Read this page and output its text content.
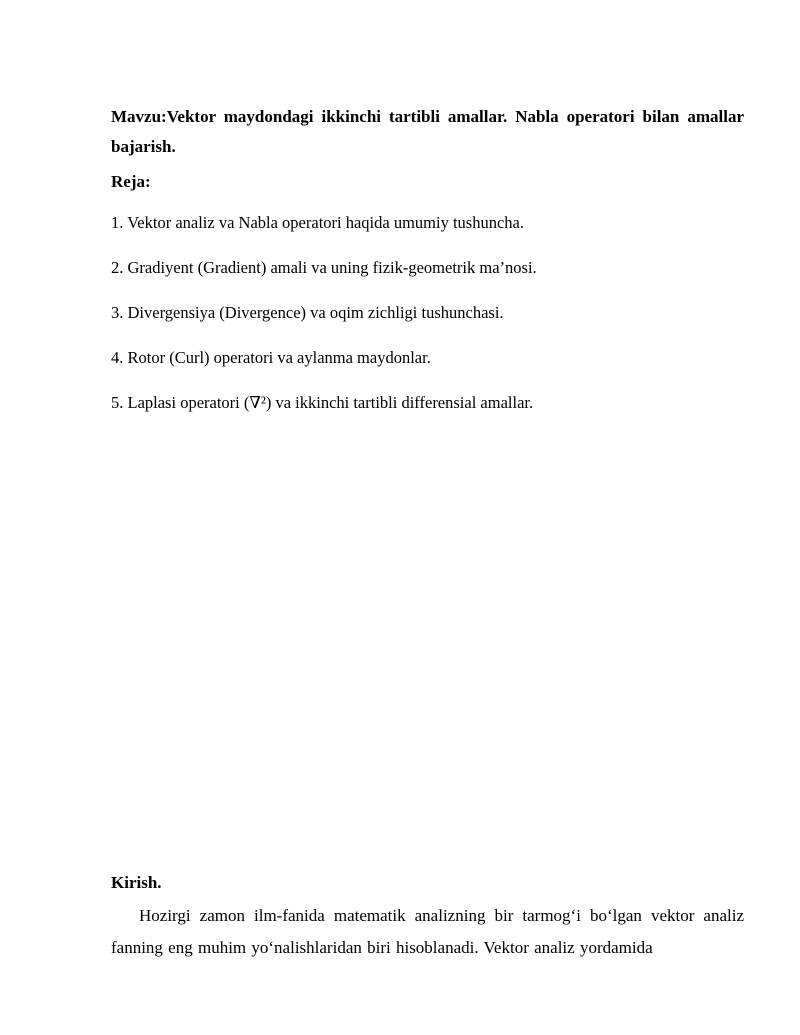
Mavzu:Vektor maydondagi ikkinchi tartibli amallar. Nabla operatori bilan amallar bajarish.

Reja:

1. Vektor analiz va Nabla operatori haqida umumiy tushuncha.
2. Gradiyent (Gradient) amali va uning fizik-geometrik ma’nosi.
3. Divergensiya (Divergence) va oqim zichligi tushunchasi.
4. Rotor (Curl) operatori va aylanma maydonlar.
5. Laplasi operatori (∇²) va ikkinchi tartibli differensial amallar.

Kirish.

Hozirgi zamon ilm-fanida matematik analizning bir tarmog‘i bo‘lgan vektor analiz fanning eng muhim yo‘nalishlaridan biri hisoblanadi. Vektor analiz yordamida
